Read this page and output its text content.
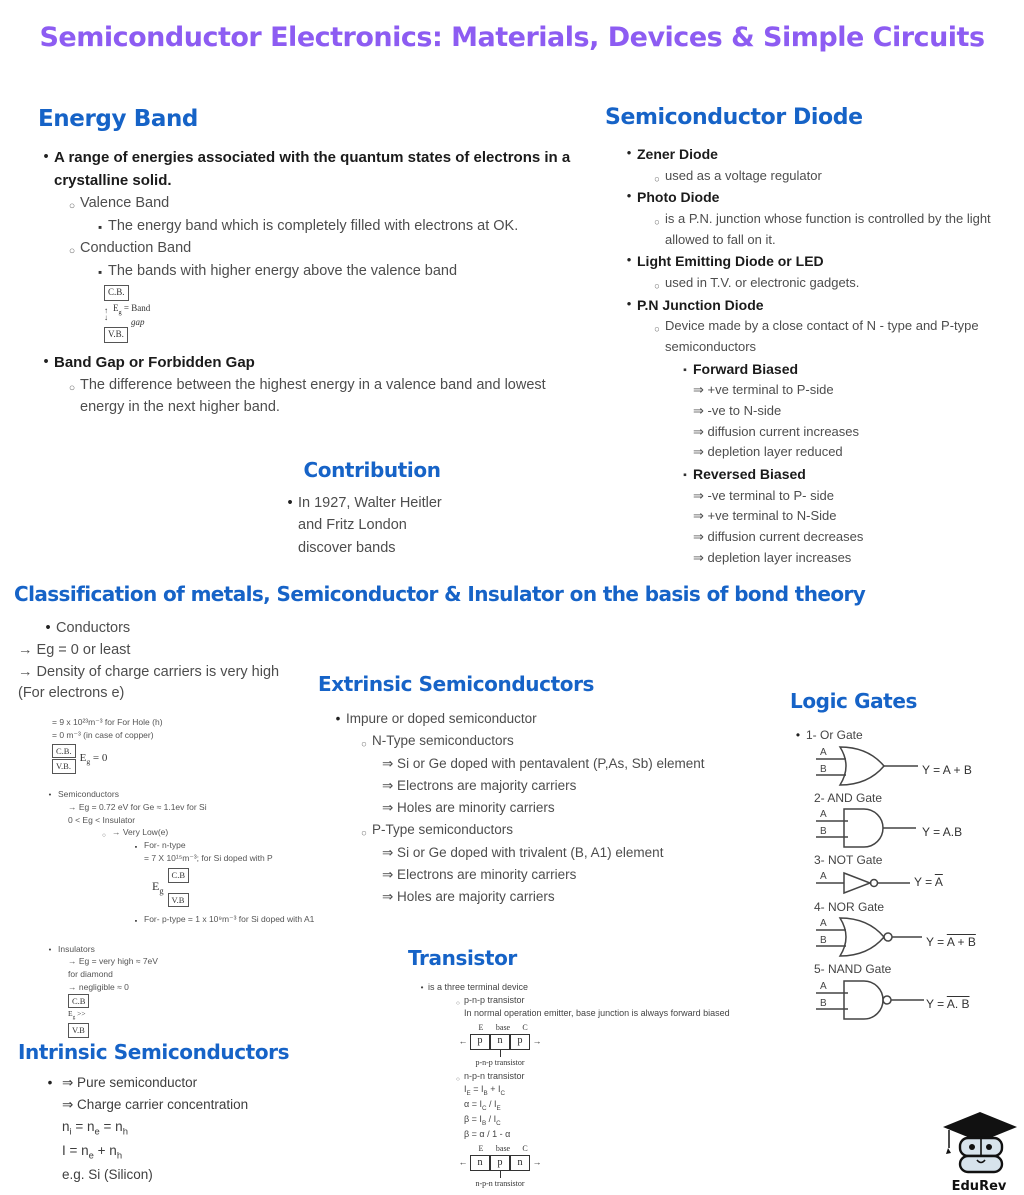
Semiconductor Electronics: Materials, Devices & Simple Circuits
Energy Band
•
A range of energies associated with the quantum states of electrons in a crystalline solid.
○
Valence Band
▪
The energy band which is completely filled with electrons at OK.
○
Conduction Band
▪
The bands with higher energy above the valence band
C.B.
↑
↓
$E_g$ = Band
gap
V.B.
•
Band Gap or Forbidden Gap
○
The difference between the highest energy in a valence band and lowest energy in the next higher band.
Contribution
•
In 1927, Walter Heitler
and Fritz London
discover bands
Semiconductor Diode
•
Zener Diode
○
used as a voltage regulator
•
Photo Diode
○
is a P.N. junction whose function is controlled by the light allowed to fall on it.
•
Light Emitting Diode or LED
○
used in T.V. or electronic gadgets.
•
P.N Junction Diode
○
Device made by a close contact of N - type and P-type semiconductors
▪
Forward Biased
⇒ +ve terminal to P-side
⇒ -ve to N-side
⇒ diffusion current increases
⇒ depletion layer reduced
▪
Reversed Biased
⇒ -ve terminal to P- side
⇒ +ve terminal to N-Side
⇒ diffusion current decreases
⇒ depletion layer increases
Classification of metals, Semiconductor & Insulator on the basis of bond theory
•
Conductors
→ Eg = 0 or least
→ Density of charge carriers is very high (For electrons e)
= 9 x 10²³m⁻³ for For Hole (h)
= 0 m⁻³ (in case of copper)
C.B.
V.B.
$E_g = 0$
•
Semiconductors
→ Eg = 0.72 eV for Ge ≈ 1.1ev for Si
0 < Eg < Insulator
○
→ Very Low(e)
▪
For- n-type
= 7 X 10¹⁵m⁻³; for Si doped with P
$E_g$
C.B
V.B
▪
For- p-type = 1 x 10⁹m⁻³ for Si doped with A1
•
Insulators
→ Eg = very high ≈ 7eV
for diamond
→ negligible ≈ 0
C.B
$E_g$ >>
V.B
Extrinsic Semiconductors
•
Impure or doped semiconductor
○
N-Type semiconductors
⇒ Si or Ge doped with pentavalent (P,As, Sb) element
⇒ Electrons are majority carriers
⇒ Holes are minority carriers
○
P-Type semiconductors
⇒ Si or Ge doped with trivalent (B, A1) element
⇒ Electrons are minority carriers
⇒ Holes are majority carriers
Logic Gates
•
1- Or Gate
A
B	Y = A + B
2- AND Gate
A
B	Y = A.B
3- NOT Gate
A	$Y = \overline{A}$
4- NOR Gate
A
B	Y = A + B
5- NAND Gate
A
B	Y = A. B
Transistor
•
is a three terminal device
○
p-n-p transistor
In normal operation emitter, base junction is always forward biased
E	base	C
←	p	n	p	→
p-n-p transistor
○
n-p-n transistor
$I_E = I_B + I_C$
$\alpha = I_C / I_E$
$\beta = I_B / I_C$
β = α / 1 - α
E	base	C
←	n	p	n	→
n-p-n transistor
Intrinsic Semiconductors
•
⇒ Pure semiconductor
⇒ Charge carrier concentration
$n_i = n_e = n_h$
$I = n_e + n_h$
e.g. Si (Silicon)
EduRev
